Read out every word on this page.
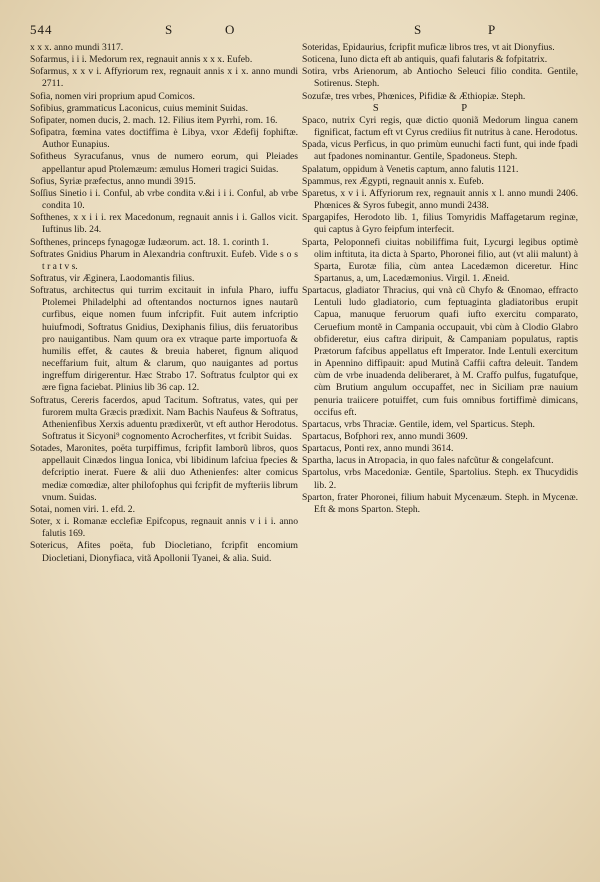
544	S	O	S	P

x x x. anno mundi 3117.

Sofarmus, i i i. Medorum rex, regnauit annis x x x. Eufeb.

Sofarmus, x x v i. Affyriorum rex, regnauit annis x i x. anno mundi 2711.

Sofia, nomen viri proprium apud Comicos.

Sofibius, grammaticus Laconicus, cuius meminit Suidas.

Sofipater, nomen ducis, 2. mach. 12. Filius item Pyrrhi, rom. 16.

Sofipatra, fœmina vates doctiffima è Libya, vxor Ædefij fophiftæ. Author Eunapius.

Sofitheus Syracufanus, vnus de numero eorum, qui Pleiades appellantur apud Ptolemæum: æmulus Homeri tragici Suidas.

Sofius, Syriæ præfectus, anno mundi 3915.

Soſſius Sinetio i i. Conful, ab vrbe condita v.&i i i i. Conful, ab vrbe condita 10.

Softhenes, x x i i i. rex Macedonum, regnauit annis i i. Gallos vicit. Iuftinus lib. 24.

Softhenes, princeps fynagogæ Iudæorum. act. 18. 1. corinth 1.

Softrates Gnidius Pharum in Alexandria conftruxit. Eufeb. Vide s o s t r a t v s.

Softratus, vir Æginera, Laodomantis filius.

Softratus, architectus qui turrim excitauit in infula Pharo, iuffu Ptolemei Philadelphi ad oftentandos nocturnos ignes nautarũ curfibus, eique nomen fuum infcripfit. Fuit autem infcriptio huiufmodi, Softratus Gnidius, Dexiphanis filius, diis feruatoribus pro nauigantibus. Nam quum ora ex vtraque parte importuofa & humilis effet, & cautes & breuia haberet, fignum aliquod neceffarium fuit, altum & clarum, quo nauigantes ad portus ingreffum dirigerentur. Hæc Strabo 17. Softratus fculptor qui ex ære figna faciebat. Plinius lib 36 cap. 12.

Softratus, Cereris facerdos, apud Tacitum. Softratus, vates, qui per furorem multa Græcis prædixit. Nam Bachis Naufeus & Softratus, Athenienfibus Xerxis aduentu prædixerũt, vt eft author Herodotus. Softratus it Sicyoni⁹ cognomento Acrocherfites, vt fcribit Suidas.

Sotades, Maronites, poëta turpiffimus, fcripfit Iamborũ libros, quos appellauit Cinædos lingua Ionica, vbi libidinum lafciua fpecies & defcriptio inerat. Fuere & alii duo Athenienfes: alter comicus mediæ comœdiæ, alter philofophus qui fcripfit de myfteriis librum vnum. Suidas.

Sotai, nomen viri. 1. efd. 2.

Soter, x i. Romanæ ecclefiæ Epifcopus, regnauit annis v i i i. anno falutis 169.

Sotericus, Afites poëta, fub Diocletiano, fcripfit encomium Diocletiani, Dionyfiaca, vitã Apollonii Tyanei, & alia. Suid.

Soteridas, Epidaurius, fcripfit muficæ libros tres, vt ait Dionyfius.

Soticena, Iuno dicta eft ab antiquis, quafi falutaris & fofpitatrix.

Sotira, vrbs Arienorum, ab Antiocho Seleuci filio condita. Gentile, Sotirenus. Steph.

Sozufæ, tres vrbes, Phœnices, Pifidiæ & Æthiopiæ. Steph.

S P

Spaco, nutrix Cyri regis, quæ dictio quoniã Medorum lingua canem fignificat, factum eft vt Cyrus crediius fit nutritus à cane. Herodotus.

Spada, vicus Perficus, in quo primùm eunuchi facti funt, qui inde fpadi aut fpadones nominantur. Gentile, Spadoneus. Steph.

Spalatum, oppidum à Venetis captum, anno falutis 1121.

Spammus, rex Ægypti, regnauit annis x. Eufeb.

Sparetus, x v i i. Affyriorum rex, regnauit annis x l. anno mundi 2406. Phœnices & Syros fubegit, anno mundi 2438.

Spargapifes, Herodoto lib. 1, filius Tomyridis Maffagetarum reginæ, qui captus à Gyro feipfum interfecit.

Sparta, Peloponnefi ciuitas nobiliffima fuit, Lycurgi legibus optimè olim inftituta, ita dicta à Sparto, Phoronei filio, aut (vt alii malunt) à Sparta, Eurotæ filia, cùm antea Lacedæmon diceretur. Hinc Spartanus, a, um, Lacedæmonius. Virgil. 1. Æneid.

Spartacus, gladiator Thracius, qui vnà cũ Chyfo & Œnomao, effracto Lentuli ludo gladiatorio, cum feptuaginta gladiatoribus erupit Capua, manuque feruorum quafi iufto exercitu comparato, Ceruefium montẽ in Campania occupauit, vbi cùm à Clodio Glabro obfideretur, eius caftra diripuit, & Campaniam populatus, raptis Prætorum fafcibus appellatus eft Imperator. Inde Lentuli exercitum in Apennino diffipauit: apud Mutinã Caffii caftra deleuit. Tandem cùm de vrbe inuadenda deliberaret, à M. Craffo pulfus, fugatufque, cùm Brutium angulum occupaffet, nec in Siciliam præ nauium penuria traiicere potuiffet, cum fuis omnibus fortiffimè dimicans, occifus eft.

Spartacus, vrbs Thraciæ. Gentile, idem, vel Sparticus. Steph.

Spartacus, Bofphori rex, anno mundi 3609.

Spartacus, Ponti rex, anno mundi 3614.

Spartha, lacus in Atropacia, in quo fales nafcũtur & congelafcunt.

Spartolus, vrbs Macedoniæ. Gentile, Spartolius. Steph. ex Thucydidis lib. 2.

Sparton, frater Phoronei, filium habuit Mycenæum. Steph. in Mycenæ. Eft & mons Sparton. Steph.
